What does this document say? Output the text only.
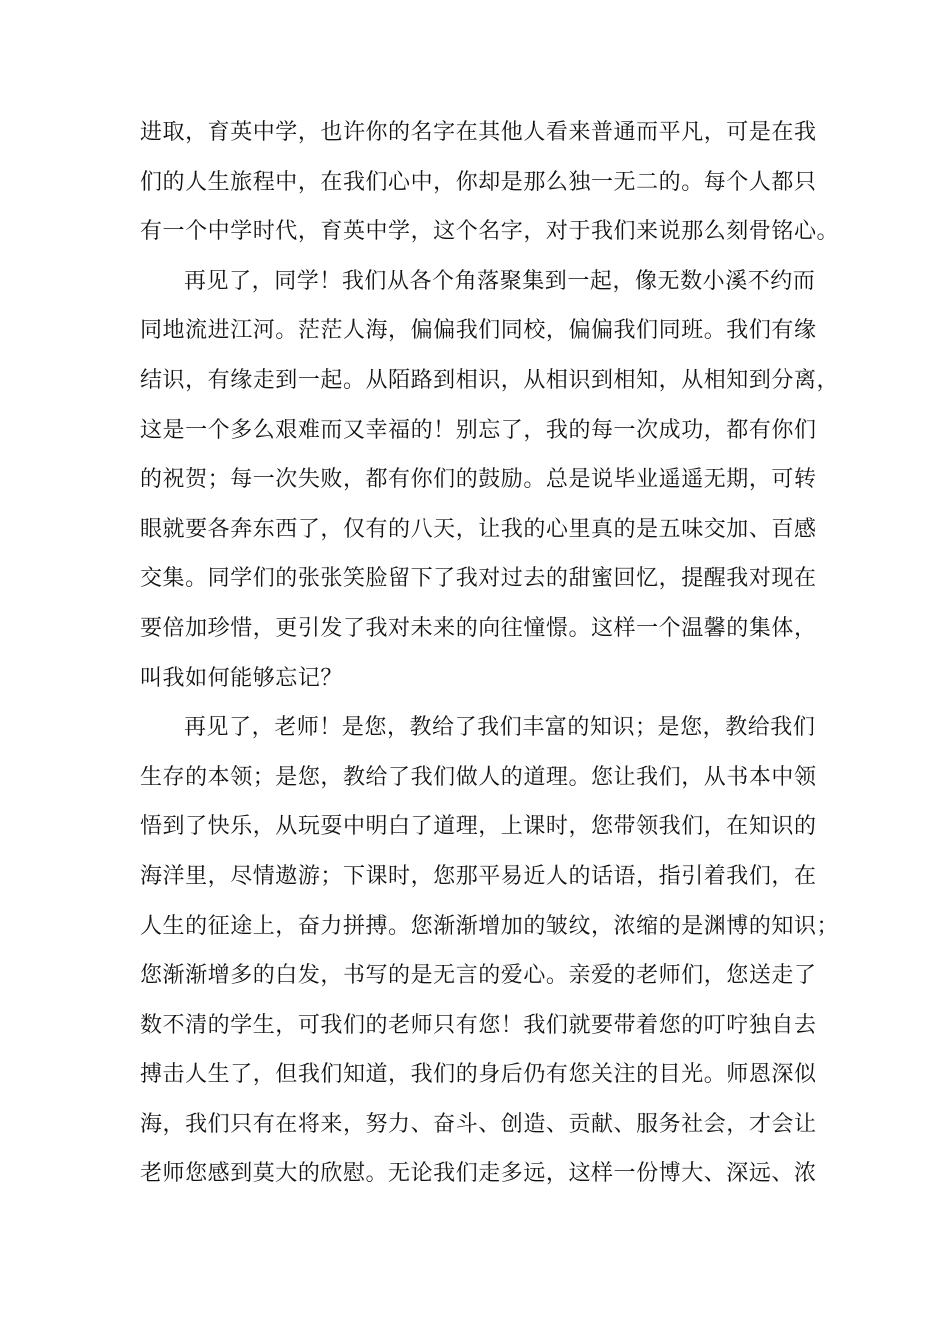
进取，育英中学，也许你的名字在其他人看来普通而平凡，可是在我
们的人生旅程中，在我们心中，你却是那么独一无二的。每个人都只
有一个中学时代，育英中学，这个名字，对于我们来说那么刻骨铭心。
再见了，同学！我们从各个角落聚集到一起，像无数小溪不约而
同地流进江河。茫茫人海，偏偏我们同校，偏偏我们同班。我们有缘
结识，有缘走到一起。从陌路到相识，从相识到相知，从相知到分离，
这是一个多么艰难而又幸福的！别忘了，我的每一次成功，都有你们
的祝贺；每一次失败，都有你们的鼓励。总是说毕业遥遥无期，可转
眼就要各奔东西了，仅有的八天，让我的心里真的是五味交加、百感
交集。同学们的张张笑脸留下了我对过去的甜蜜回忆，提醒我对现在
要倍加珍惜，更引发了我对未来的向往憧憬。这样一个温馨的集体，
叫我如何能够忘记？
再见了，老师！是您，教给了我们丰富的知识；是您，教给我们
生存的本领；是您，教给了我们做人的道理。您让我们，从书本中领
悟到了快乐，从玩耍中明白了道理，上课时，您带领我们，在知识的
海洋里，尽情遨游；下课时，您那平易近人的话语，指引着我们，在
人生的征途上，奋力拼搏。您渐渐增加的皱纹，浓缩的是渊博的知识；
您渐渐增多的白发，书写的是无言的爱心。亲爱的老师们，您送走了
数不清的学生，可我们的老师只有您！我们就要带着您的叮咛独自去
搏击人生了，但我们知道，我们的身后仍有您关注的目光。师恩深似
海，我们只有在将来，努力、奋斗、创造、贡献、服务社会，才会让
老师您感到莫大的欣慰。无论我们走多远，这样一份博大、深远、浓
